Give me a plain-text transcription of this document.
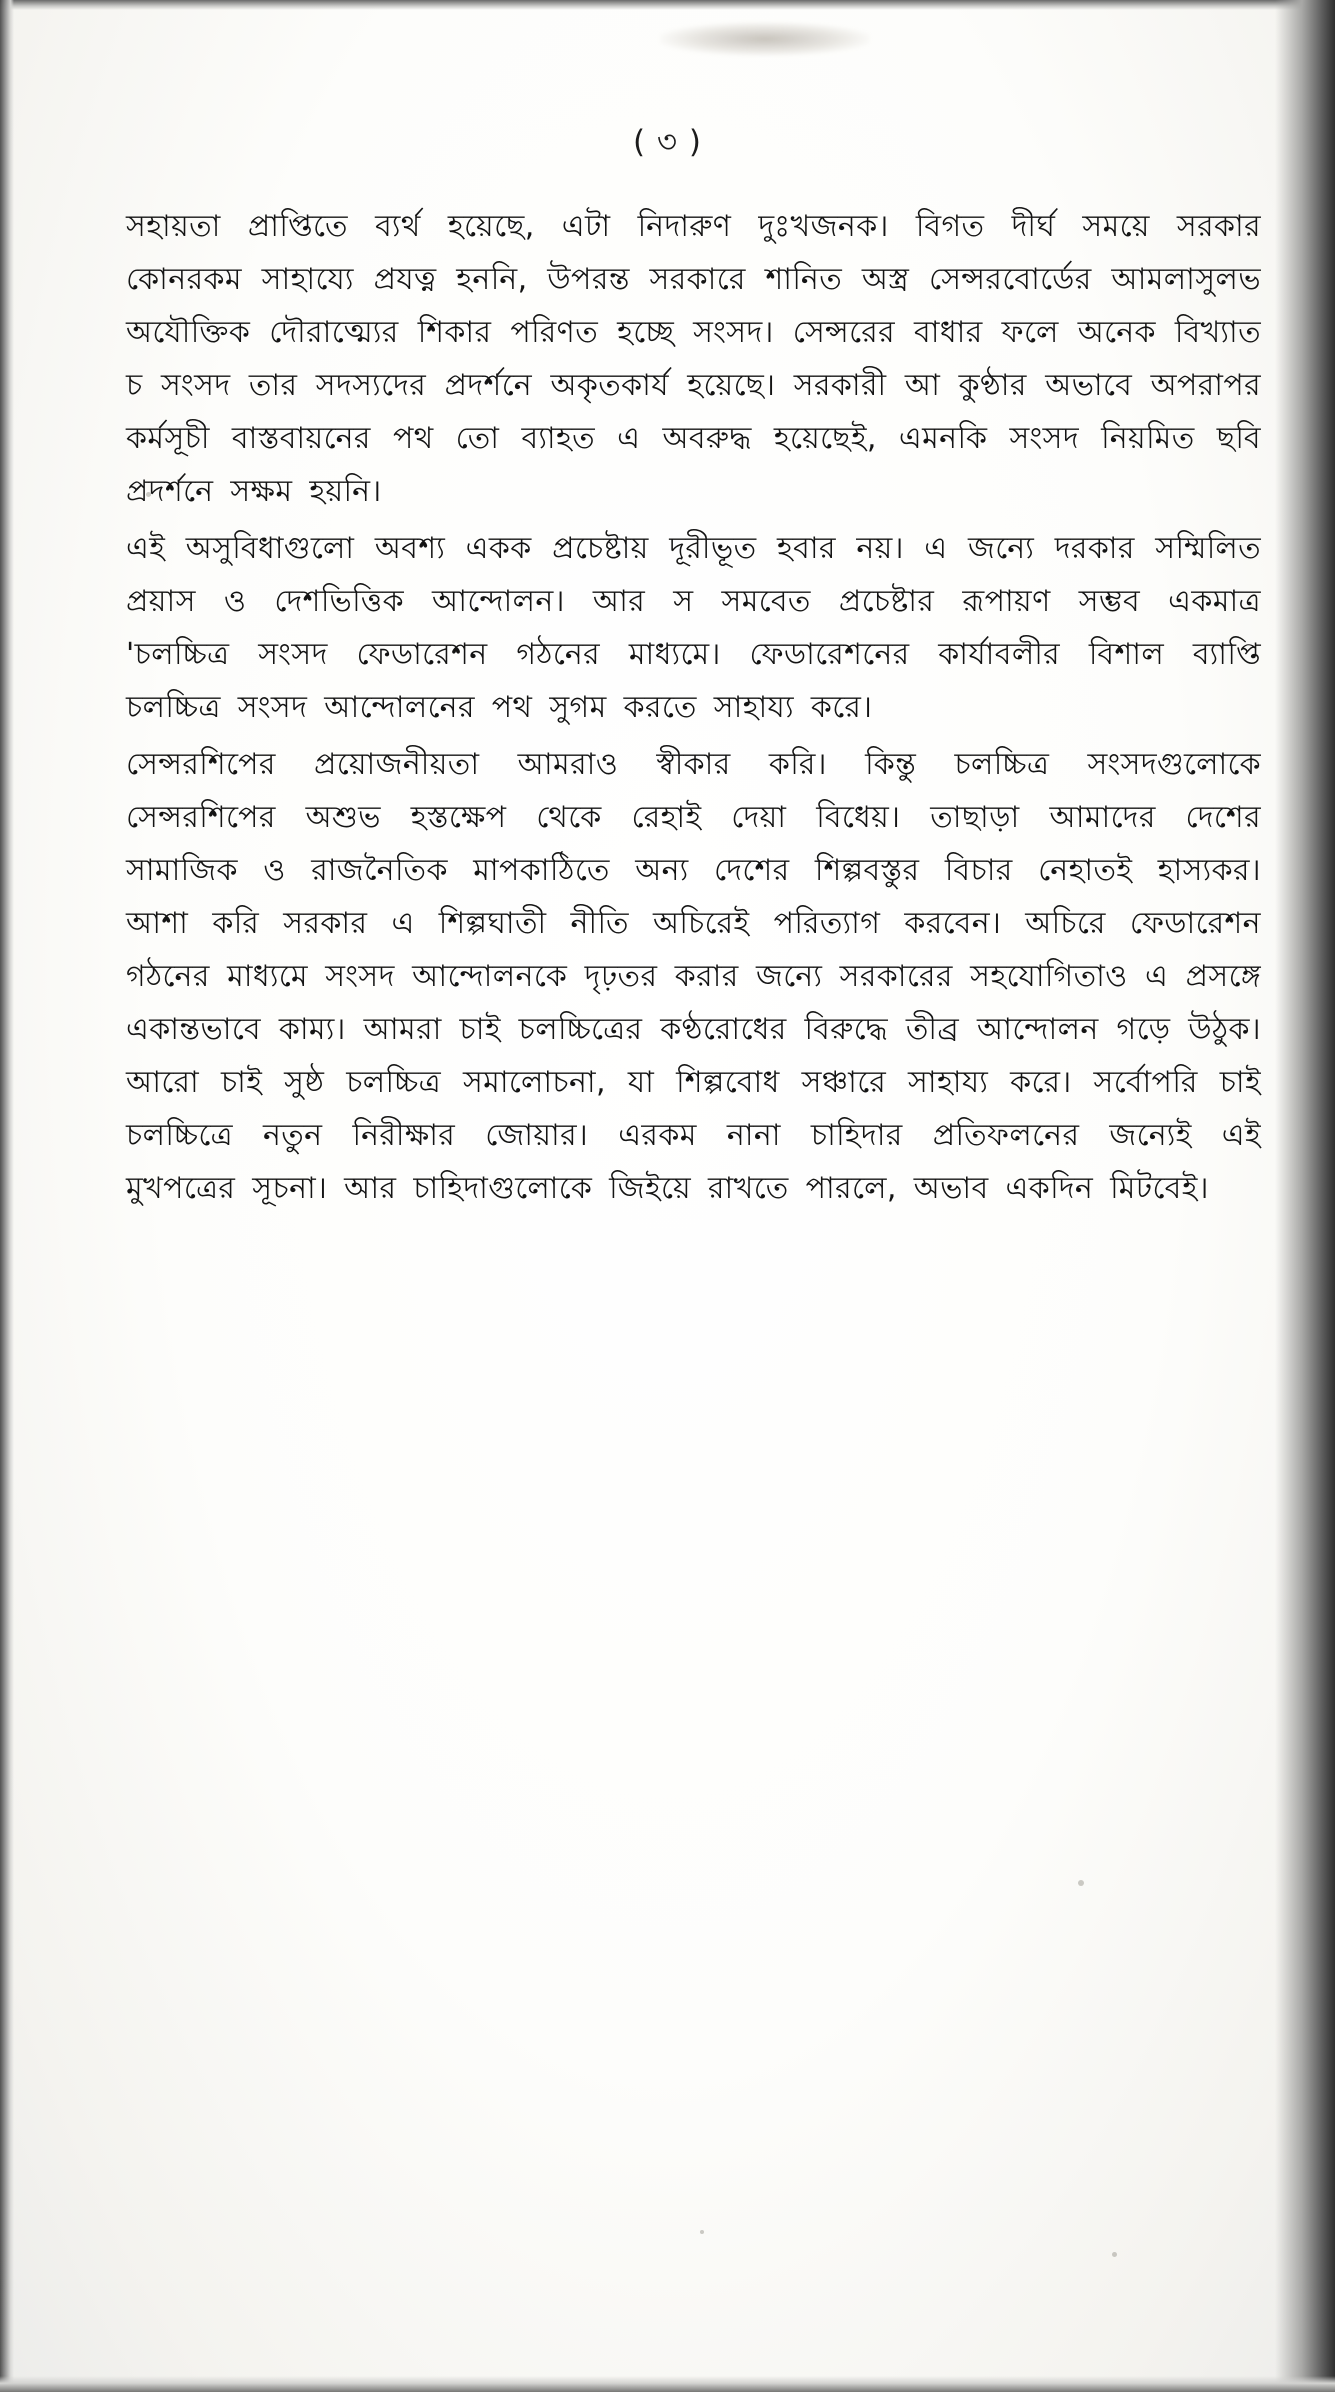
( ৩ )

সহায়তা প্রাপ্তিতে ব্যর্থ হয়েছে, এটা নিদারুণ দুঃখজনক। বিগত দীর্ঘ সময়ে সরকার কোনরকম সাহায্যে প্রযত্ন হননি, উপরন্ত সরকারে শানিত অস্ত্র সেন্সরবোর্ডের আমলাসুলভ অযৌক্তিক দৌরাত্ম্যের শিকার পরিণত হচ্ছে সংসদ। সেন্সরের বাধার ফলে অনেক বিখ্যাত চ সংসদ তার সদস্যদের প্রদর্শনে অকৃতকার্য হয়েছে। সরকারী আ কুণ্ঠার অভাবে অপরাপর কর্মসূচী বাস্তবায়নের পথ তো ব্যাহত এ অবরুদ্ধ হয়েছেই, এমনকি সংসদ নিয়মিত ছবি প্রদর্শনে সক্ষম হয়নি।

এই অসুবিধাগুলো অবশ্য একক প্রচেষ্টায় দূরীভূত হবার নয়। এ জন্যে দরকার সম্মিলিত প্রয়াস ও দেশভিত্তিক আন্দোলন। আর স সমবেত প্রচেষ্টার রূপায়ণ সম্ভব একমাত্র 'চলচ্চিত্র সংসদ ফেডারেশন গঠনের মাধ্যমে। ফেডারেশনের কার্যাবলীর বিশাল ব্যাপ্তি চলচ্চিত্র সংসদ আন্দোলনের পথ সুগম করতে সাহায্য করে।

সেন্সরশিপের প্রয়োজনীয়তা আমরাও স্বীকার করি। কিন্তু চলচ্চিত্র সংসদগুলোকে সেন্সরশিপের অশুভ হস্তক্ষেপ থেকে রেহাই দেয়া বিধেয়। তাছাড়া আমাদের দেশের সামাজিক ও রাজনৈতিক মাপকাঠিতে অন্য দেশের শিল্পবস্তুর বিচার নেহাতই হাস্যকর। আশা করি সরকার এ শিল্পঘাতী নীতি অচিরেই পরিত্যাগ করবেন। অচিরে ফেডারেশন গঠনের মাধ্যমে সংসদ আন্দোলনকে দৃঢ়তর করার জন্যে সরকারের সহযোগিতাও এ প্রসঙ্গে একান্তভাবে কাম্য। আমরা চাই চলচ্চিত্রের কণ্ঠরোধের বিরুদ্ধে তীব্র আন্দোলন গড়ে উঠুক। আরো চাই সুষ্ঠ চলচ্চিত্র সমালোচনা, যা শিল্পবোধ সঞ্চারে সাহায্য করে। সর্বোপরি চাই চলচ্চিত্রে নতুন নিরীক্ষার জোয়ার। এরকম নানা চাহিদার প্রতিফলনের জন্যেই এই মুখপত্রের সূচনা। আর চাহিদাগুলোকে জিইয়ে রাখতে পারলে, অভাব একদিন মিটবেই।
